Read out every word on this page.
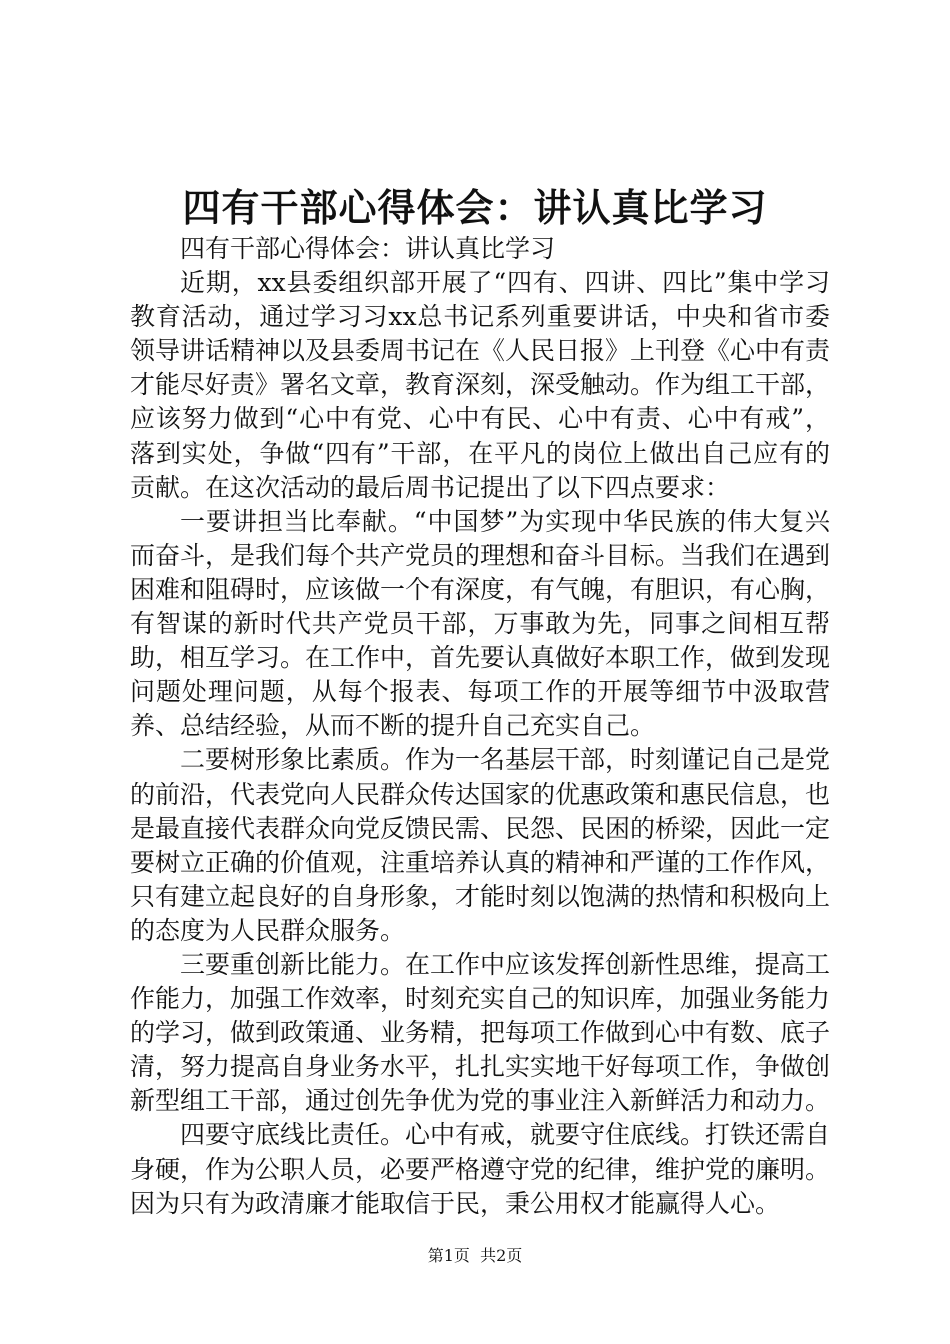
四有干部心得体会：讲认真比学习

四有干部心得体会：讲认真比学习

近期，xx县委组织部开展了“四有、四讲、四比”集中学习教育活动，通过学习习xx总书记系列重要讲话，中央和省市委领导讲话精神以及县委周书记在《人民日报》上刊登《心中有责才能尽好责》署名文章，教育深刻，深受触动。作为组工干部，应该努力做到“心中有党、心中有民、心中有责、心中有戒”，落到实处，争做“四有”干部，在平凡的岗位上做出自己应有的贡献。在这次活动的最后周书记提出了以下四点要求：

一要讲担当比奉献。“中国梦”为实现中华民族的伟大复兴而奋斗，是我们每个共产党员的理想和奋斗目标。当我们在遇到困难和阻碍时，应该做一个有深度，有气魄，有胆识，有心胸，有智谋的新时代共产党员干部，万事敢为先，同事之间相互帮助，相互学习。在工作中，首先要认真做好本职工作，做到发现问题处理问题，从每个报表、每项工作的开展等细节中汲取营养、总结经验，从而不断的提升自己充实自己。

二要树形象比素质。作为一名基层干部，时刻谨记自己是党的前沿，代表党向人民群众传达国家的优惠政策和惠民信息，也是最直接代表群众向党反馈民需、民怨、民困的桥梁，因此一定要树立正确的价值观，注重培养认真的精神和严谨的工作作风，只有建立起良好的自身形象，才能时刻以饱满的热情和积极向上的态度为人民群众服务。

三要重创新比能力。在工作中应该发挥创新性思维，提高工作能力，加强工作效率，时刻充实自己的知识库，加强业务能力的学习，做到政策通、业务精，把每项工作做到心中有数、底子清，努力提高自身业务水平，扎扎实实地干好每项工作，争做创新型组工干部，通过创先争优为党的事业注入新鲜活力和动力。

四要守底线比责任。心中有戒，就要守住底线。打铁还需自身硬，作为公职人员，必要严格遵守党的纪律，维护党的廉明。因为只有为政清廉才能取信于民，秉公用权才能赢得人心。

第1页 共2页
